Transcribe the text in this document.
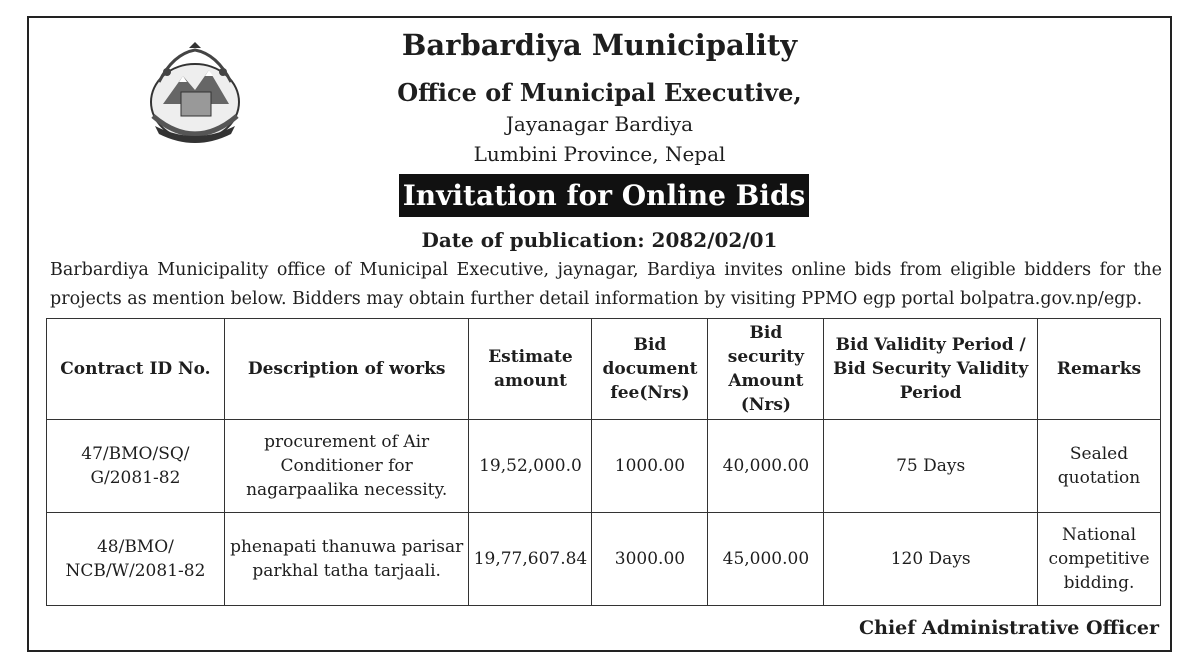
Barbardiya Municipality
Office of Municipal Executive,
Jayanagar Bardiya
Lumbini Province, Nepal
Invitation for Online Bids
Date of publication: 2082/02/01
Barbardiya Municipality office of Municipal Executive, jaynagar, Bardiya invites online bids from eligible bidders for the
projects as mention below. Bidders may obtain further detail information by visiting PPMO egp portal bolpatra.gov.np/egp.
Contract ID No.	Description of works	Estimate amount	Bid document fee(Nrs)	Bid security Amount (Nrs)	Bid Validity Period / Bid Security Validity Period	Remarks
47/BMO/SQ/ G/2081-82	procurement of Air Conditioner for nagarpaalika necessity.	19,52,000.0	1000.00	40,000.00	75 Days	Sealed quotation
48/BMO/ NCB/W/2081-82	phenapati thanuwa parisar parkhal tatha tarjaali.	19,77,607.84	3000.00	45,000.00	120 Days	National competitive bidding.
Chief Administrative Officer
